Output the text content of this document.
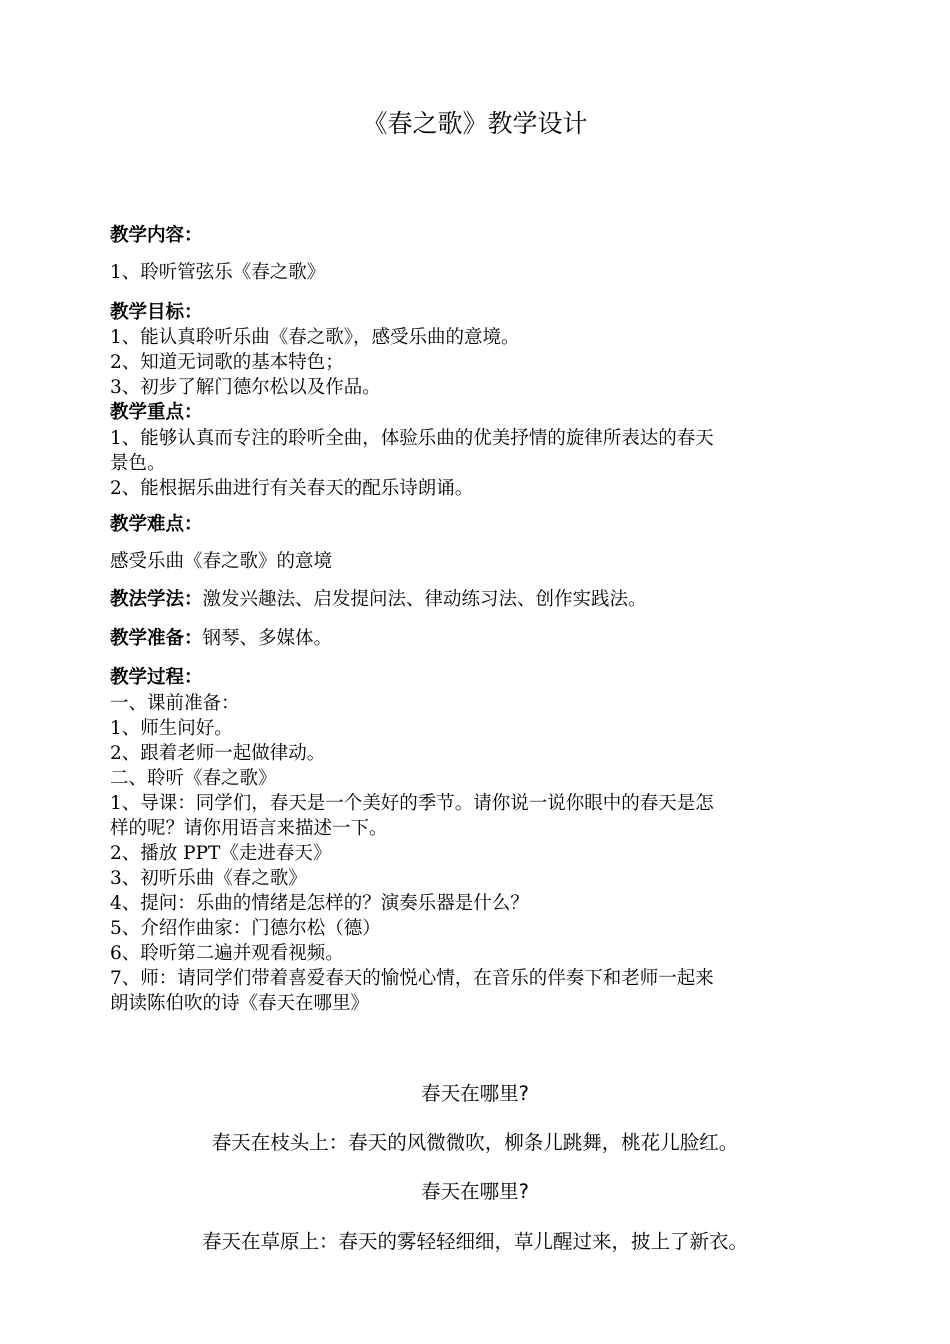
《春之歌》教学设计
教学内容：
1、聆听管弦乐《春之歌》
教学目标：
1、能认真聆听乐曲《春之歌》，感受乐曲的意境。
2、知道无词歌的基本特色；
3、初步了解门德尔松以及作品。
教学重点：
1、能够认真而专注的聆听全曲，体验乐曲的优美抒情的旋律所表达的春天
景色。
2、能根据乐曲进行有关春天的配乐诗朗诵。
教学难点：
感受乐曲《春之歌》的意境
教法学法：激发兴趣法、启发提问法、律动练习法、创作实践法。
教学准备：钢琴、多媒体。
教学过程：
一、课前准备：
1、师生问好。
2、跟着老师一起做律动。
二、聆听《春之歌》
1、导课：同学们，春天是一个美好的季节。请你说一说你眼中的春天是怎
样的呢？请你用语言来描述一下。
2、播放 PPT《走进春天》
3、初听乐曲《春之歌》
4、提问：乐曲的情绪是怎样的？演奏乐器是什么？
5、介绍作曲家：门德尔松（德）
6、聆听第二遍并观看视频。
7、师：请同学们带着喜爱春天的愉悦心情，在音乐的伴奏下和老师一起来
朗读陈伯吹的诗《春天在哪里》
春天在哪里?
春天在枝头上：春天的风微微吹，柳条儿跳舞，桃花儿脸红。
春天在哪里?
春天在草原上：春天的雾轻轻细细，草儿醒过来，披上了新衣。
